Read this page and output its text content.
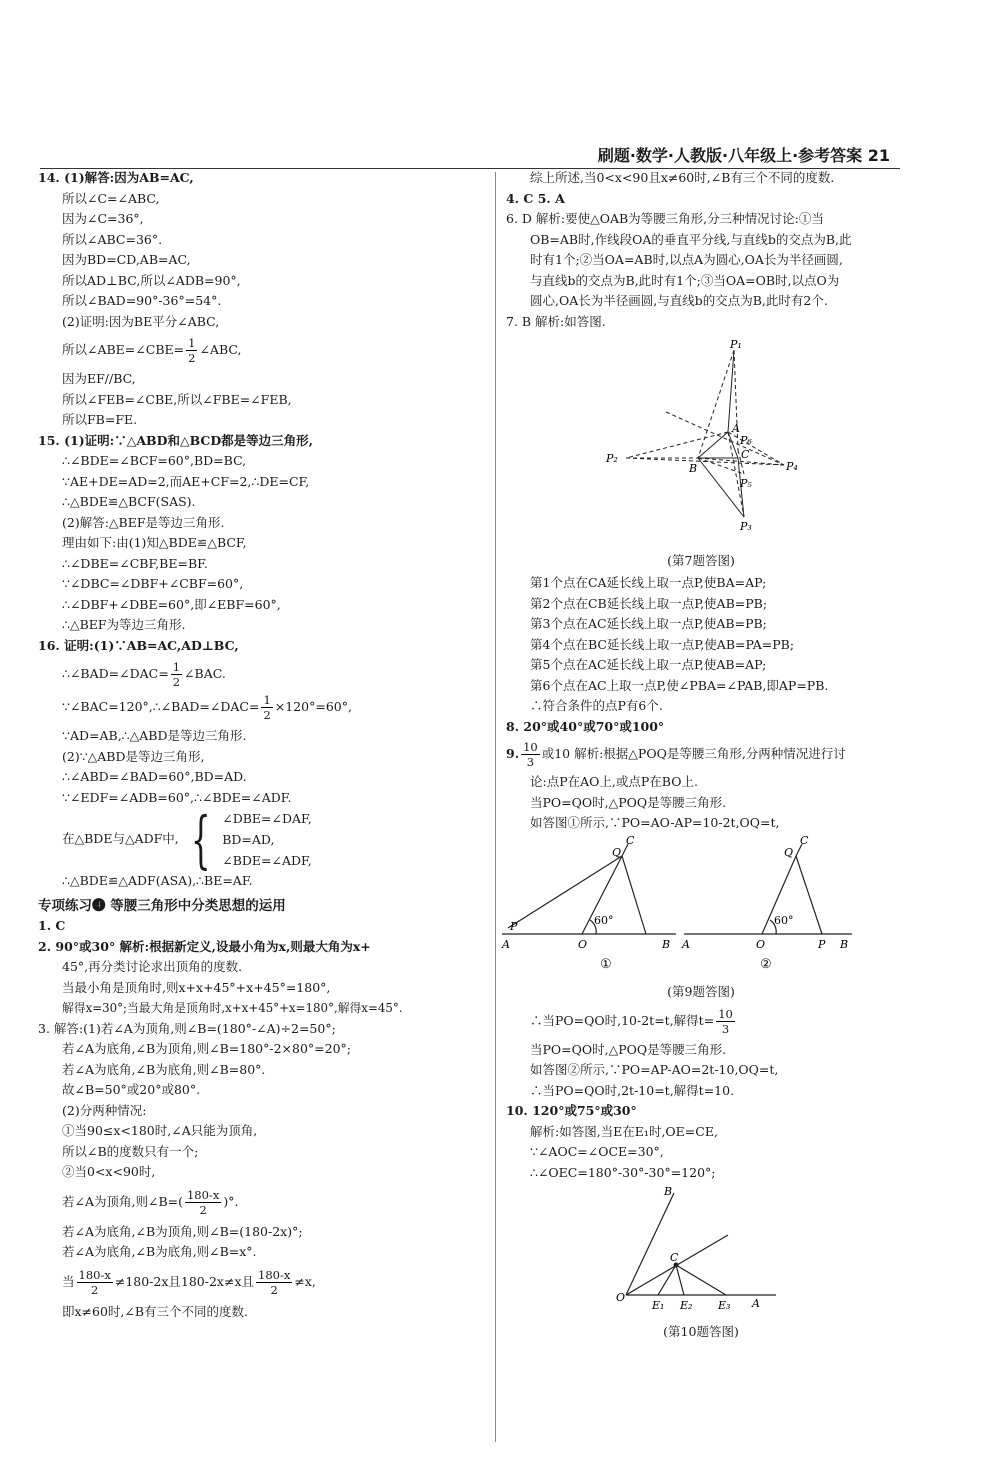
刷题·数学·人教版·八年级上·参考答案 21
14. (1)解答:因为AB=AC,
所以∠C=∠ABC,
因为∠C=36°,
所以∠ABC=36°.
因为BD=CD,AB=AC,
所以AD⊥BC,所以∠ADB=90°,
所以∠BAD=90°-36°=54°.
(2)证明:因为BE平分∠ABC,
所以∠ABE=∠CBE= $\frac{1}{2}$ ∠ABC,
因为EF//BC,
所以∠FEB=∠CBE,所以∠FBE=∠FEB,
所以FB=FE.
15. (1)证明:∵△ABD和△BCD都是等边三角形,
∴∠BDE=∠BCF=60°,BD=BC,
∵AE+DE=AD=2,而AE+CF=2,∴DE=CF,
∴△BDE≌△BCF(SAS).
(2)解答:△BEF是等边三角形.
理由如下:由(1)知△BDE≌△BCF,
∴∠DBE=∠CBF,BE=BF.
∵∠DBC=∠DBF+∠CBF=60°,
∴∠DBF+∠DBE=60°,即∠EBF=60°,
∴△BEF为等边三角形.
16. 证明:(1)∵AB=AC,AD⊥BC,
∴∠BAD=∠DAC= $\frac{1}{2}$ ∠BAC.
∵∠BAC=120°,∴∠BAD=∠DAC= $\frac{1}{2} \times 120^\circ=60^\circ$,
∵AD=AB,∴△ABD是等边三角形.
(2)∵△ABD是等边三角形,
∴∠ABD=∠BAD=60°,BD=AD.
∵∠EDF=∠ADB=60°,∴∠BDE=∠ADF.
在△BDE与△ADF中, { ∠DBE=∠DAF,
BD=AD,
∠BDE=∠ADF,
∴△BDE≌△ADF(ASA),∴BE=AF.
专项练习❹ 等腰三角形中分类思想的运用
1. C
2. 90°或30° 解析:根据新定义,设最小角为x,则最大角为x+
45°,再分类讨论求出顶角的度数.
当最小角是顶角时,则x+x+45°+x+45°=180°,
解得x=30°;当最大角是顶角时,x+x+45°+x=180°,解得x=45°.
3. 解答:(1)若∠A为顶角,则∠B=(180°-∠A)÷2=50°;
若∠A为底角,∠B为顶角,则∠B=180°-2×80°=20°;
若∠A为底角,∠B为底角,则∠B=80°.
故∠B=50°或20°或80°.
(2)分两种情况:
①当90≤x<180时,∠A只能为顶角,
所以∠B的度数只有一个;
②当0<x<90时,
若∠A为顶角,则∠B=( $\frac{180-x}{2}$ )°.
若∠A为底角,∠B为顶角,则∠B=(180-2x)°;
若∠A为底角,∠B为底角,则∠B=x°.
当 $\frac{180-x}{2} \ne 180-2x$且180-2x≠x且 $\frac{180-x}{2} \ne x$,
即x≠60时,∠B有三个不同的度数.
综上所述,当0<x<90且x≠60时,∠B有三个不同的度数.
4. C 5. A
6. D 解析:要使△OAB为等腰三角形,分三种情况讨论:①当
OB=AB时,作线段OA的垂直平分线,与直线b的交点为B,此
时有1个;②当OA=AB时,以点A为圆心,OA长为半径画圆,
与直线b的交点为B,此时有1个;③当OA=OB时,以点O为
圆心,OA长为半径画圆,与直线b的交点为B,此时有2个.
7. B 解析:如答图.
P₁
A
P₆
C
P₂
B	P₄
P₅
P₃
(第7题答图)
第1个点在CA延长线上取一点P,使BA=AP;
第2个点在CB延长线上取一点P,使AB=PB;
第3个点在AC延长线上取一点P,使AB=PB;
第4个点在BC延长线上取一点P,使AB=PA=PB;
第5个点在AC延长线上取一点P,使AB=AP;
第6个点在AC上取一点P,使∠PBA=∠PAB,即AP=PB.
∴符合条件的点P有6个.
8. 20°或40°或70°或100°
9. $\frac{10}{3}$ 或10 解析:根据△POQ是等腰三角形,分两种情况进行讨
论:点P在AO上,或点P在BO上.
当PO=QO时,△POQ是等腰三角形.
如答图①所示,∵PO=AO-AP=10-2t,OQ=t,
C
Q
P	60°
A	O	B
①
C
Q
60°
A	O	P B
②
(第9题答图)
∴当PO=QO时,10-2t=t,解得$t= \frac{10}{3}$
当PO=QO时,△POQ是等腰三角形.
如答图②所示,∵PO=AP-AO=2t-10,OQ=t,
∴当PO=QO时,2t-10=t,解得t=10.
10. 120°或75°或30°
解析:如答图,当E在E₁时,OE=CE,
∵∠AOC=∠OCE=30°,
∴∠OEC=180°-30°-30°=120°;
B
C
O
E₁ E₂ E₃ A
(第10题答图)
